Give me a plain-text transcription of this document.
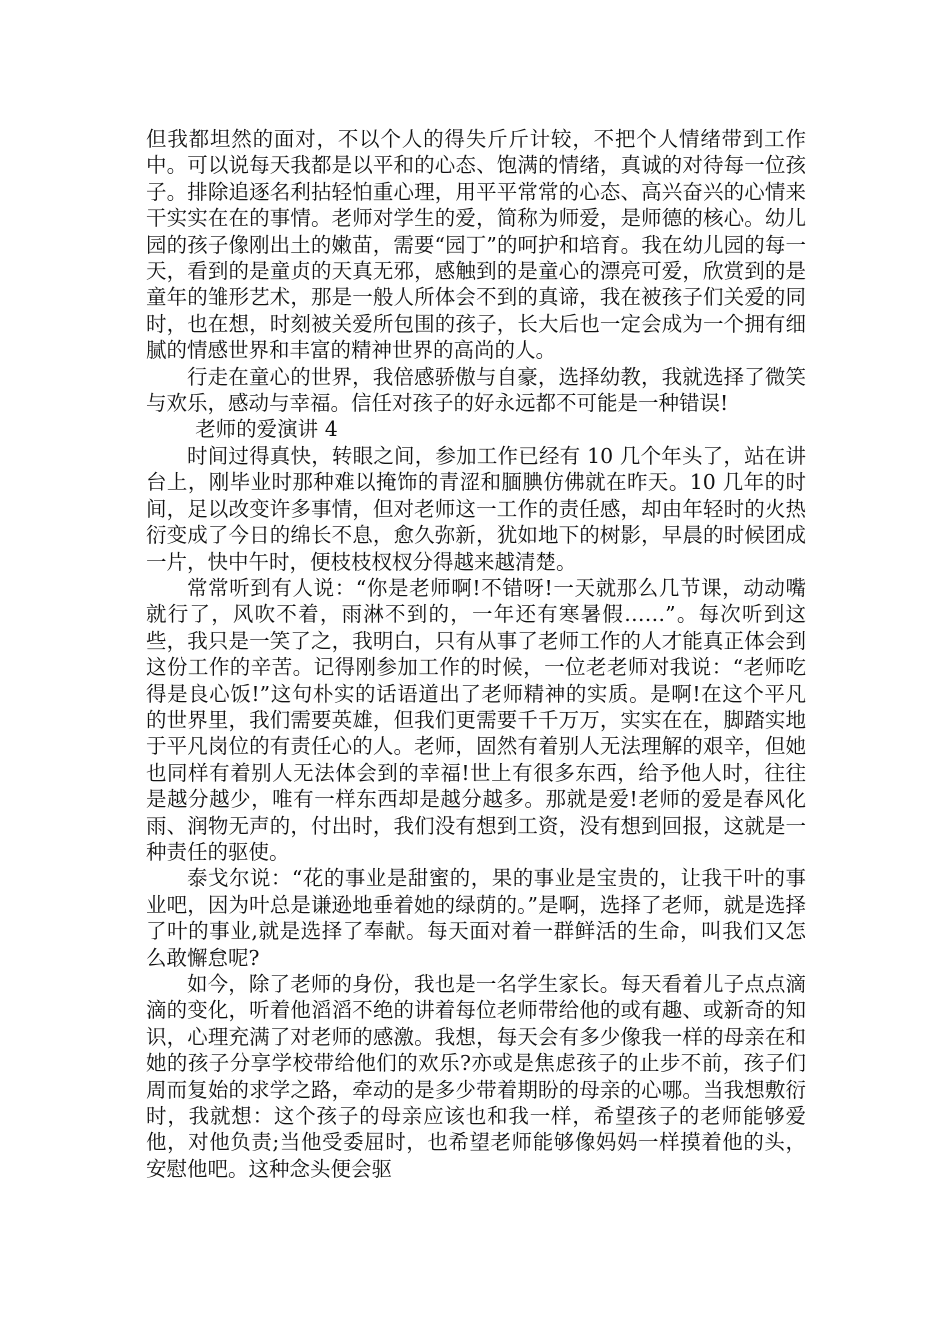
但我都坦然的面对，不以个人的得失斤斤计较，不把个人情绪带到工作中。可以说每天我都是以平和的心态、饱满的情绪，真诚的对待每一位孩子。排除追逐名利拈轻怕重心理，用平平常常的心态、高兴奋兴的心情来干实实在在的事情。老师对学生的爱，简称为师爱，是师德的核心。幼儿园的孩子像刚出土的嫩苗，需要“园丁”的呵护和培育。我在幼儿园的每一天，看到的是童贞的天真无邪，感触到的是童心的漂亮可爱，欣赏到的是童年的雏形艺术，那是一般人所体会不到的真谛，我在被孩子们关爱的同时，也在想，时刻被关爱所包围的孩子，长大后也一定会成为一个拥有细腻的情感世界和丰富的精神世界的高尚的人。

行走在童心的世界，我倍感骄傲与自豪，选择幼教，我就选择了微笑与欢乐，感动与幸福。信任对孩子的好永远都不可能是一种错误!

老师的爱演讲 4

时间过得真快，转眼之间，参加工作已经有 10 几个年头了，站在讲台上，刚毕业时那种难以掩饰的青涩和腼腆仿佛就在昨天。10 几年的时间，足以改变许多事情，但对老师这一工作的责任感，却由年轻时的火热衍变成了今日的绵长不息，愈久弥新，犹如地下的树影，早晨的时候团成一片，快中午时，便枝枝杈杈分得越来越清楚。

常常听到有人说：“你是老师啊!不错呀!一天就那么几节课，动动嘴就行了，风吹不着，雨淋不到的，一年还有寒暑假……”。每次听到这些，我只是一笑了之，我明白，只有从事了老师工作的人才能真正体会到这份工作的辛苦。记得刚参加工作的时候，一位老老师对我说：“老师吃得是良心饭!”这句朴实的话语道出了老师精神的实质。是啊!在这个平凡的世界里，我们需要英雄，但我们更需要千千万万，实实在在，脚踏实地于平凡岗位的有责任心的人。老师，固然有着别人无法理解的艰辛，但她也同样有着别人无法体会到的幸福!世上有很多东西，给予他人时，往往是越分越少，唯有一样东西却是越分越多。那就是爱!老师的爱是春风化雨、润物无声的，付出时，我们没有想到工资，没有想到回报，这就是一种责任的驱使。

泰戈尔说：“花的事业是甜蜜的，果的事业是宝贵的，让我干叶的事业吧，因为叶总是谦逊地垂着她的绿荫的。”是啊，选择了老师，就是选择了叶的事业,就是选择了奉献。每天面对着一群鲜活的生命，叫我们又怎么敢懈怠呢?

如今，除了老师的身份，我也是一名学生家长。每天看着儿子点点滴滴的变化，听着他滔滔不绝的讲着每位老师带给他的或有趣、或新奇的知识，心理充满了对老师的感激。我想，每天会有多少像我一样的母亲在和她的孩子分享学校带给他们的欢乐?亦或是焦虑孩子的止步不前，孩子们周而复始的求学之路，牵动的是多少带着期盼的母亲的心哪。当我想敷衍时，我就想：这个孩子的母亲应该也和我一样，希望孩子的老师能够爱他，对他负责;当他受委屈时，也希望老师能够像妈妈一样摸着他的头，安慰他吧。这种念头便会驱
